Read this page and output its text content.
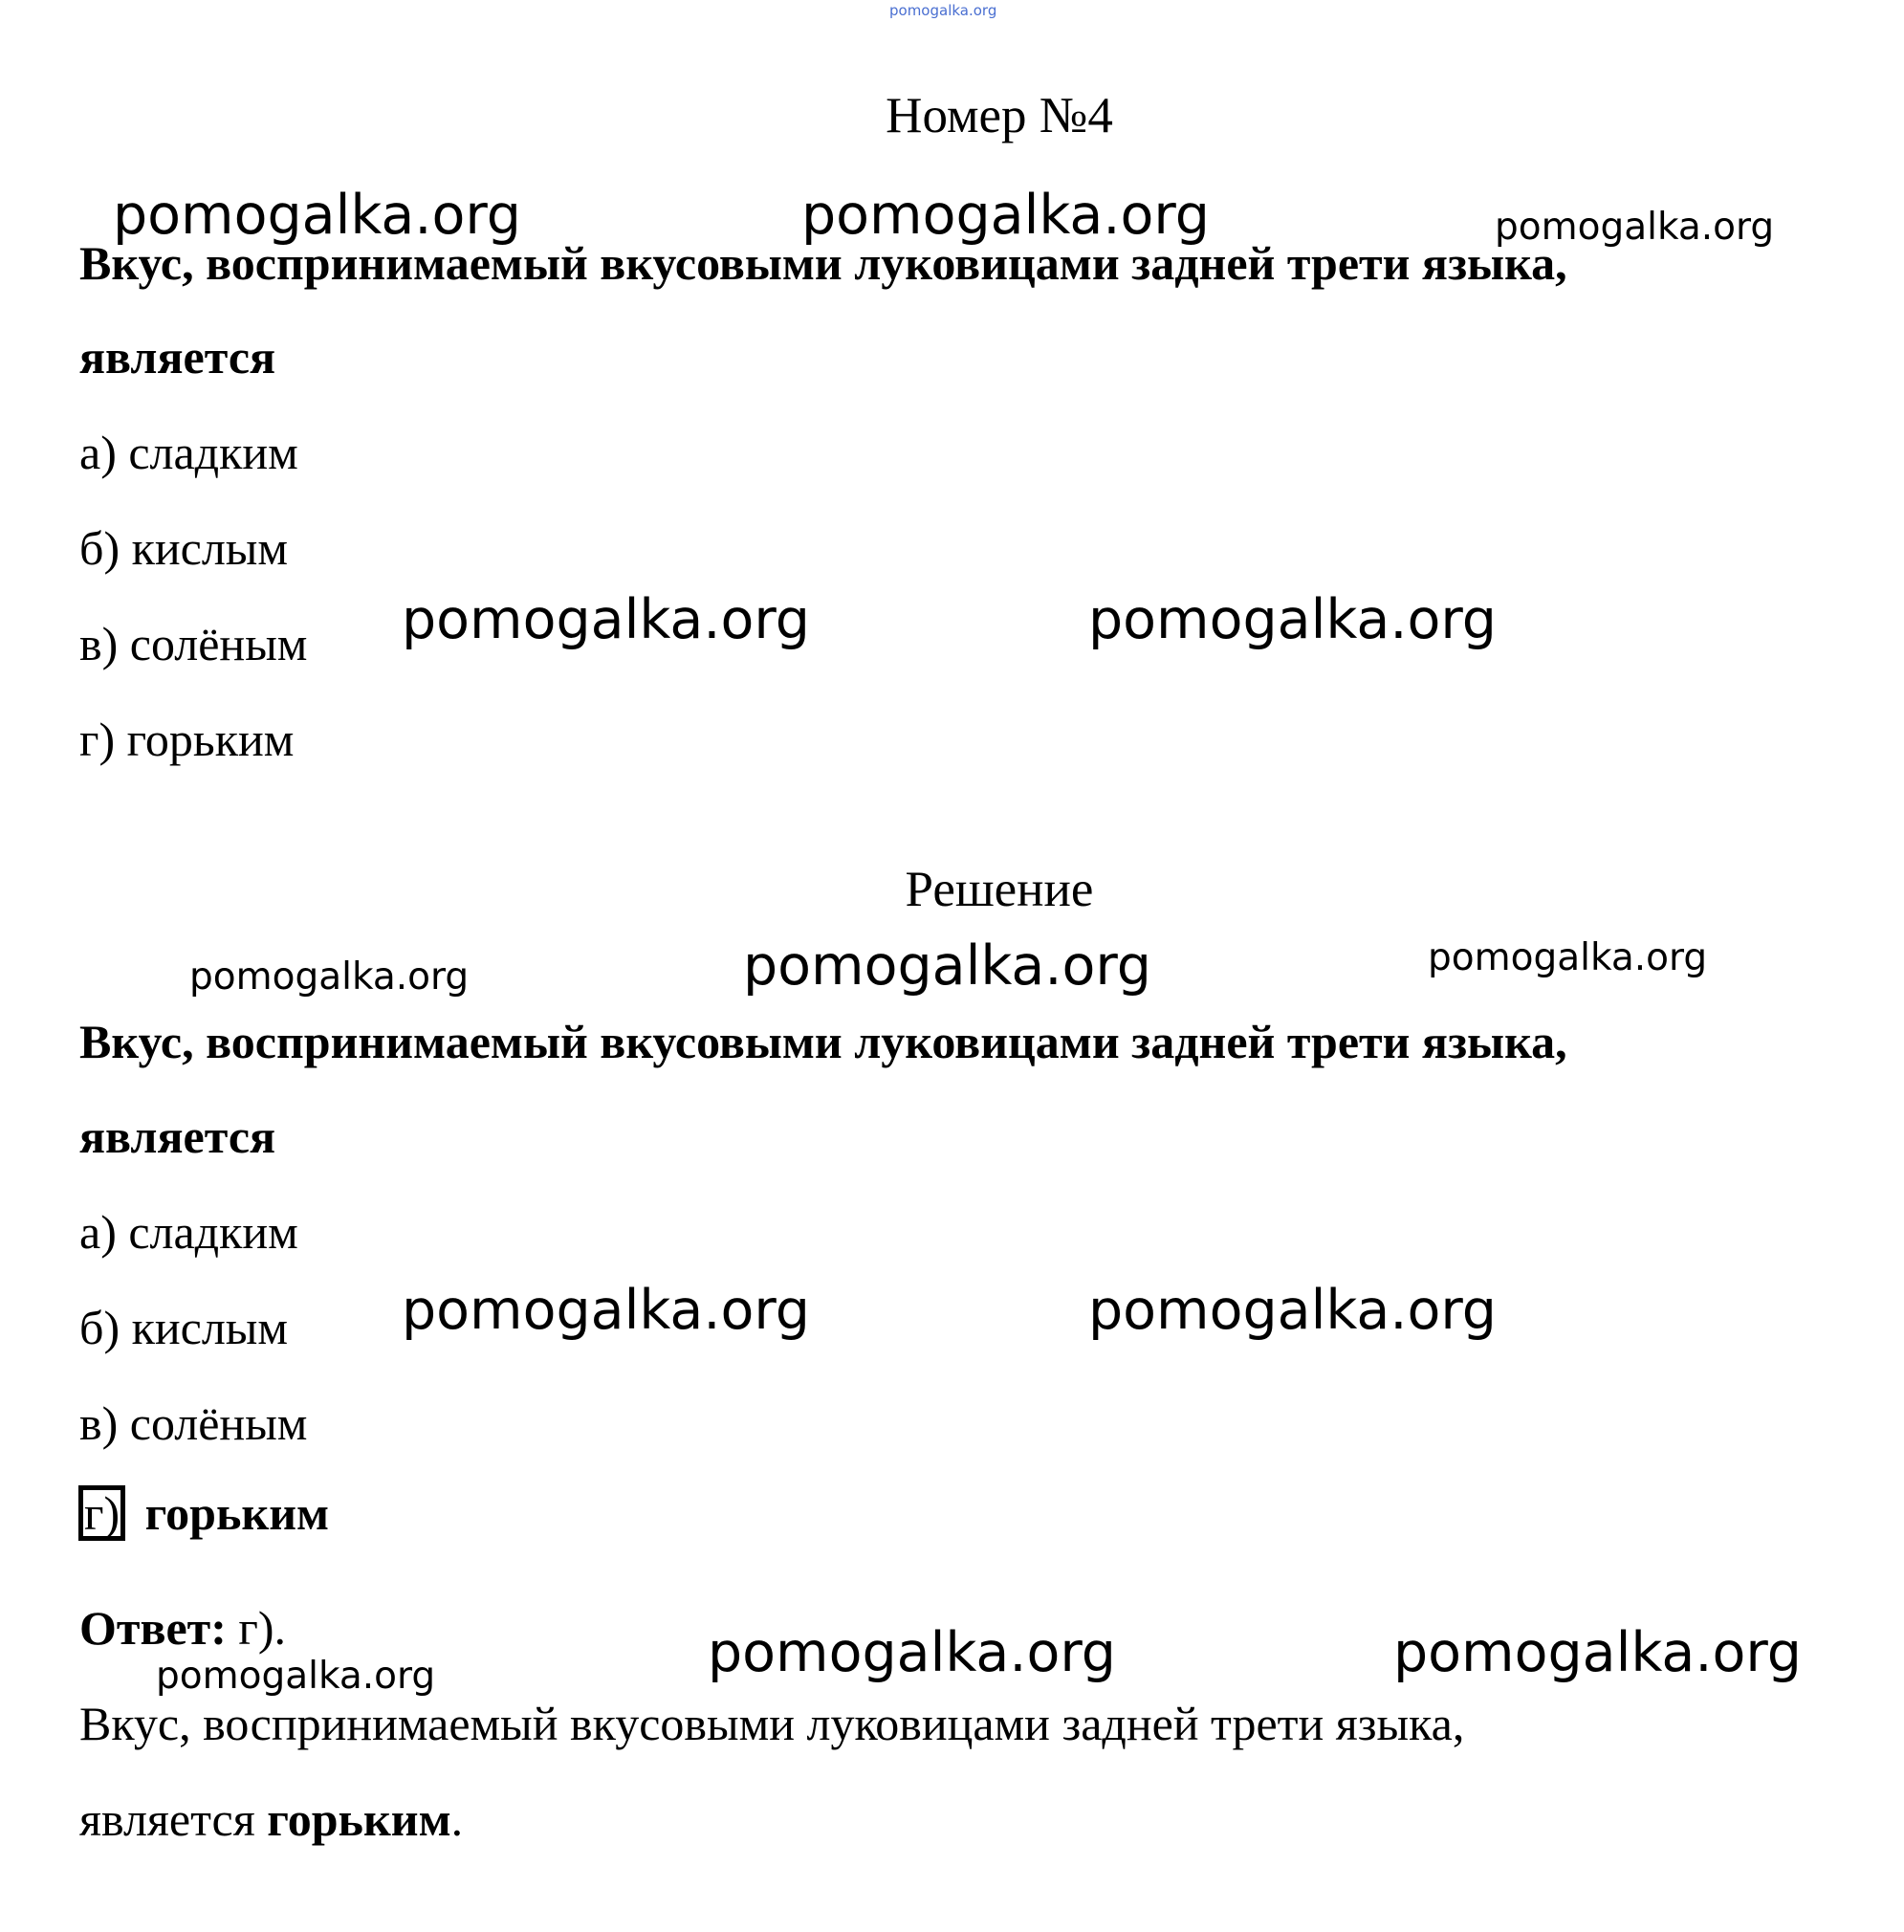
pomogalka.org
Номер №4
pomogalka.org	pomogalka.org	pomogalka.org
Вкус, воспринимаемый вкусовыми луковицами задней трети языка,
является
а) сладким
б) кислым
в) солёным
г) горьким
pomogalka.org	pomogalka.org
Решение
pomogalka.org	pomogalka.org	pomogalka.org
Вкус, воспринимаемый вкусовыми луковицами задней трети языка,
является
а) сладким
б) кислым
в) солёным
г) горьким
pomogalka.org	pomogalka.org
Ответ: г).
pomogalka.org	pomogalka.org	pomogalka.org
Вкус, воспринимаемый вкусовыми луковицами задней трети языка,
является горьким.
